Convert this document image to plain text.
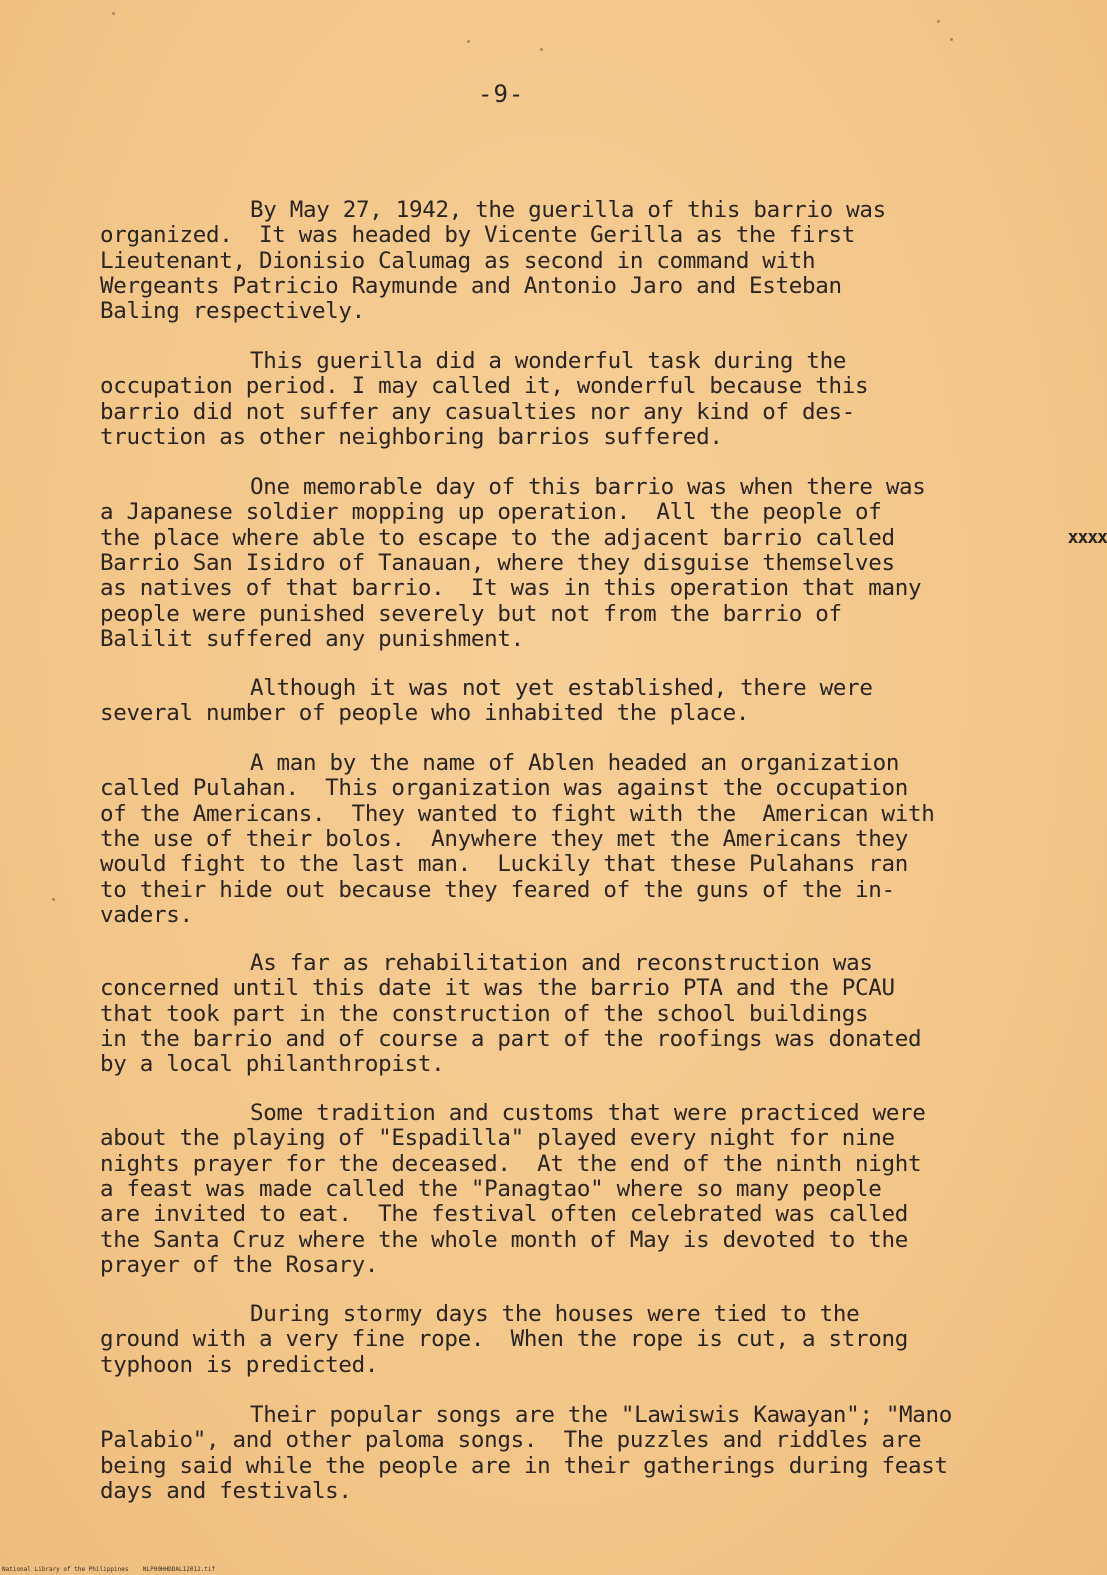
-9-

By May 27, 1942, the guerilla of this barrio was
organized.  It was headed by Vicente Gerilla as the first
Lieutenant, Dionisio Calumag as second in command with
Wergeants Patricio Raymunde and Antonio Jaro and Esteban
Baling respectively.

This guerilla did a wonderful task during the
occupation period. I may called it, wonderful because this
barrio did not suffer any casualties nor any kind of des-
truction as other neighboring barrios suffered.

One memorable day of this barrio was when there was
a Japanese soldier mopping up operation.  All the people of
the place where able to escape to the adjacent barrio called
Barrio San Isidro of Tanauan, where they disguise themselves
as natives of that barrio.  It was in this operation that many
people were punished severely but not from the barrio of
Balilit suffered any punishment.

xxxx

Although it was not yet established, there were
several number of people who inhabited the place.

A man by the name of Ablen headed an organization
called Pulahan.  This organization was against the occupation
of the Americans.  They wanted to fight with the  American with
the use of their bolos.  Anywhere they met the Americans they
would fight to the last man.  Luckily that these Pulahans ran
to their hide out because they feared of the guns of the in-
vaders.

As far as rehabilitation and reconstruction was
concerned until this date it was the barrio PTA and the PCAU
that took part in the construction of the school buildings
in the barrio and of course a part of the roofings was donated
by a local philanthropist.

Some tradition and customs that were practiced were
about the playing of "Espadilla" played every night for nine
nights prayer for the deceased.  At the end of the ninth night
a feast was made called the "Panagtao" where so many people
are invited to eat.  The festival often celebrated was called
the Santa Cruz where the whole month of May is devoted to the
prayer of the Rosary.

During stormy days the houses were tied to the
ground with a very fine rope.  When the rope is cut, a strong
typhoon is predicted.

Their popular songs are the "Lawiswis Kawayan"; "Mano
Palabio", and other paloma songs.  The puzzles and riddles are
being said while the people are in their gatherings during feast
days and festivals.

National Library of the Philippines    NLP00HHDDAL12012.tif
